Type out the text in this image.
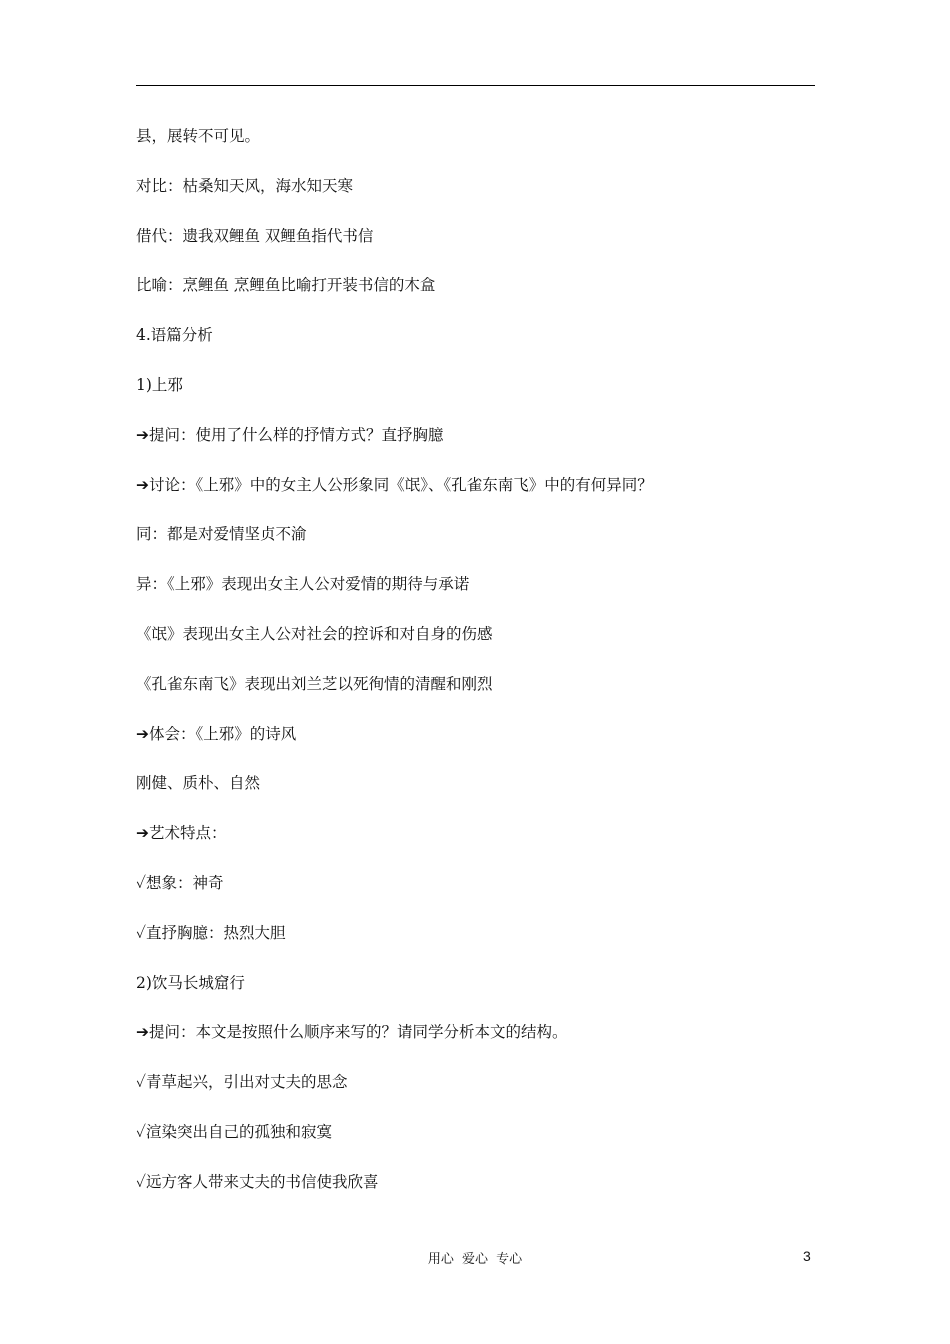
县，展转不可见。
对比：枯桑知天风，海水知天寒
借代：遗我双鲤鱼 双鲤鱼指代书信
比喻：烹鲤鱼 烹鲤鱼比喻打开装书信的木盒
4.语篇分析
1)上邪
➔提问：使用了什么样的抒情方式？直抒胸臆
➔讨论：《上邪》中的女主人公形象同《氓》、《孔雀东南飞》中的有何异同？
同：都是对爱情坚贞不渝
异：《上邪》表现出女主人公对爱情的期待与承诺
《氓》表现出女主人公对社会的控诉和对自身的伤感
《孔雀东南飞》表现出刘兰芝以死徇情的清醒和刚烈
➔体会：《上邪》的诗风
刚健、质朴、自然
➔艺术特点：
✓想象：神奇
✓直抒胸臆：热烈大胆
2)饮马长城窟行
➔提问：本文是按照什么顺序来写的？请同学分析本文的结构。
✓青草起兴，引出对丈夫的思念
✓渲染突出自己的孤独和寂寞
✓远方客人带来丈夫的书信使我欣喜
用心 爱心 专心	3
